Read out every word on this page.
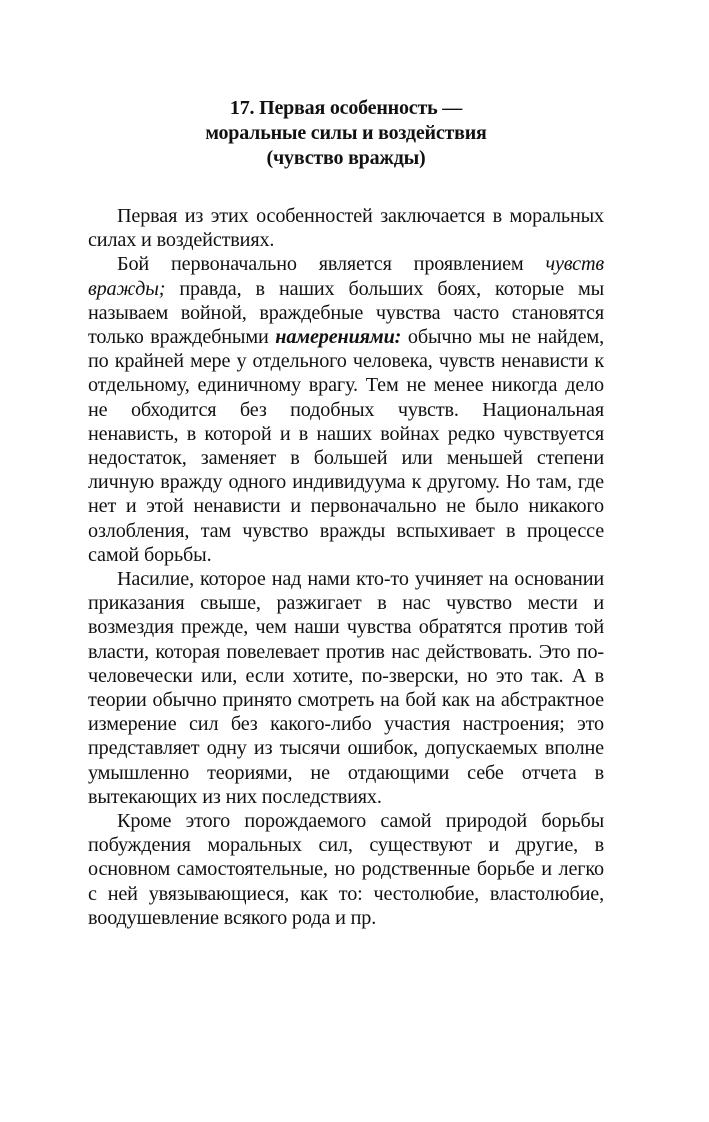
17. Первая особенность —
моральные силы и воздействия
(чувство вражды)

Первая из этих особенностей заключается в моральных силах и воздействиях.

Бой первоначально является проявлением чувств вражды; правда, в наших больших боях, которые мы называем войной, враждебные чувства часто становятся только враждебными намерениями: обычно мы не найдем, по крайней мере у отдельного человека, чувств ненависти к отдельному, единичному врагу. Тем не менее никогда дело не обходится без подобных чувств. Национальная ненависть, в которой и в наших войнах редко чувствуется недостаток, заменяет в большей или меньшей степени личную вражду одного индивидуума к другому. Но там, где нет и этой ненависти и первоначально не было никакого озлобления, там чувство вражды вспыхивает в процессе самой борьбы.

Насилие, которое над нами кто-то учиняет на основании приказания свыше, разжигает в нас чувство мести и возмездия прежде, чем наши чувства обратятся против той власти, которая повелевает против нас действовать. Это по-человечески или, если хотите, по-зверски, но это так. А в теории обычно принято смотреть на бой как на абстрактное измерение сил без какого-либо участия настроения; это представляет одну из тысячи ошибок, допускаемых вполне умышленно теориями, не отдающими себе отчета в вытекающих из них последствиях.

Кроме этого порождаемого самой природой борьбы побуждения моральных сил, существуют и другие, в основном самостоятельные, но родственные борьбе и легко с ней увязывающиеся, как то: честолюбие, властолюбие, воодушевление всякого рода и пр.
